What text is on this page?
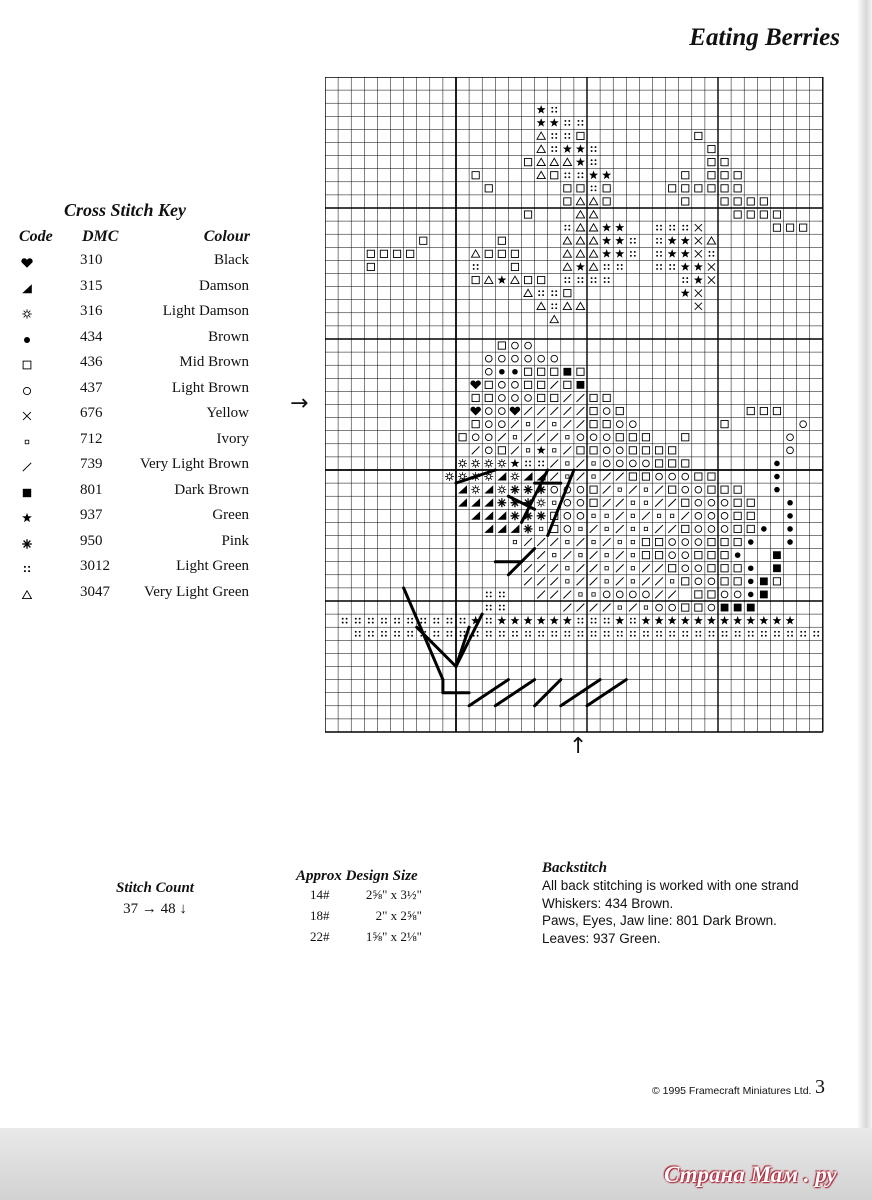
Eating Berries
Cross Stitch Key
Code DMC	Colour
310	Black
315	Damson
316	Light Damson
434	Brown
436	Mid Brown
437	Light Brown
676	Yellow
712	Ivory
739	Very Light Brown
801	Dark Brown
937	Green
950	Pink
3012	Light Green
3047	Very Light Green
→
↑
Stitch Count
37 → 48 ↓
Approx Design Size
14#	2⅝" x 3½"
18#	2" x 2⅝"
22#	1⅝" x 2⅛"
Backstitch
All back stitching is worked with one strand
Whiskers: 434 Brown.
Paws, Eyes, Jaw line: 801 Dark Brown.
Leaves: 937 Green.
© 1995 Framecraft Miniatures Ltd. 3
Страна Мам . ру
